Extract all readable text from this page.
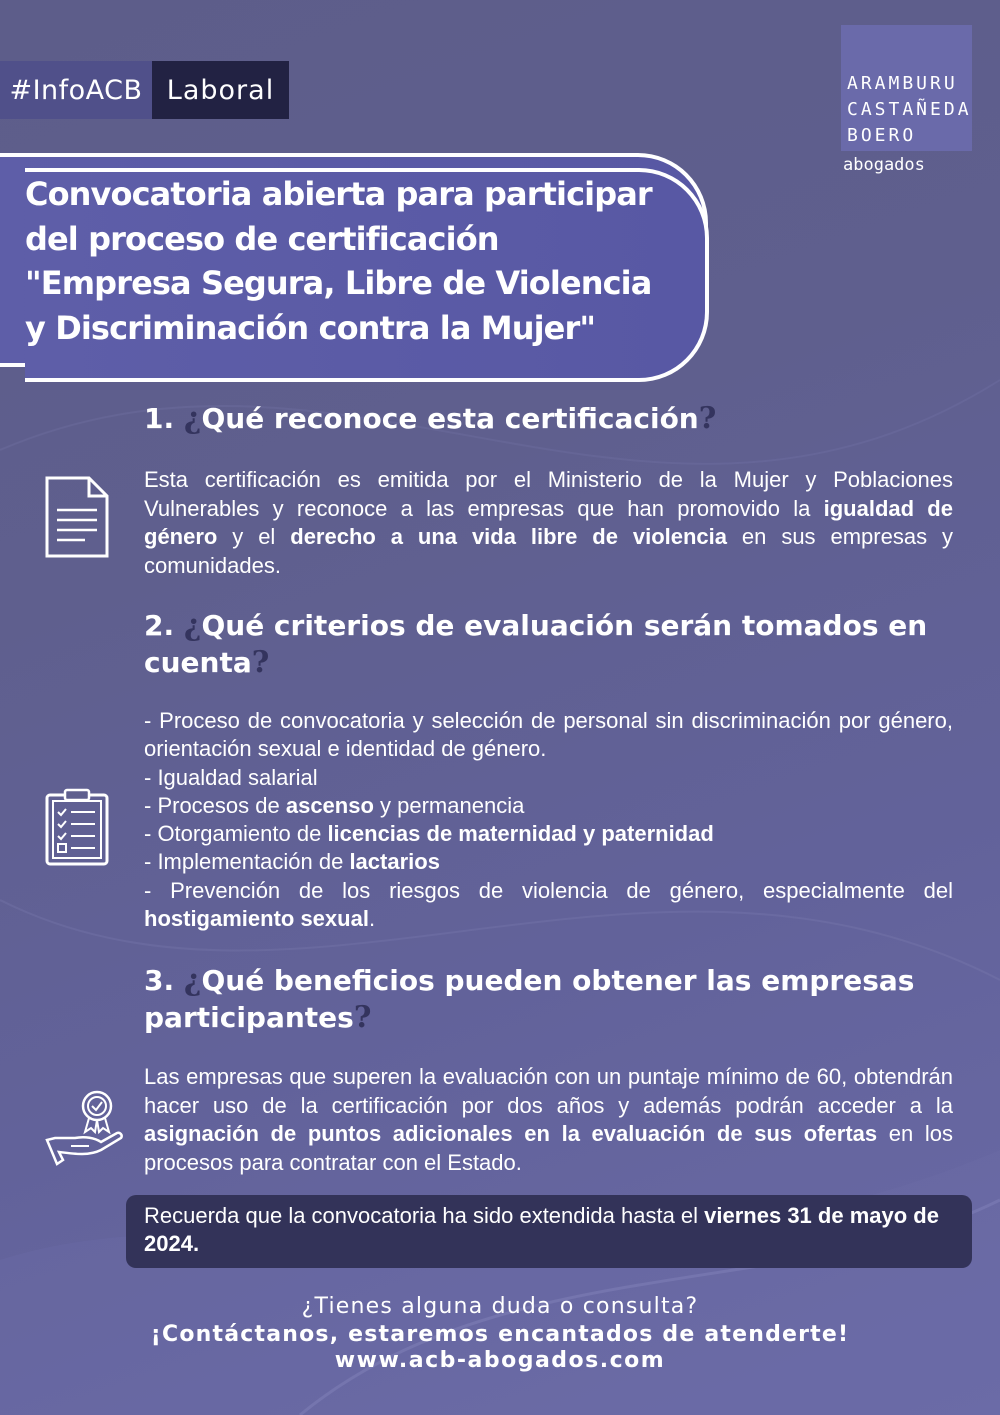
#InfoACB Laboral	ARAMBURU
CASTAÑEDA
BOERO
abogados
Convocatoria abierta para participar
del proceso de certificación
"Empresa Segura, Libre de Violencia
y Discriminación contra la Mujer"
1. ¿Qué reconoce esta certificación?

Esta certificación es emitida por el Ministerio de la Mujer y Poblaciones Vulnerables y reconoce a las empresas que han promovido la igualdad de género y el derecho a una vida libre de violencia en sus empresas y comunidades.

2. ¿Qué criterios de evaluación serán tomados en
cuenta?
- Proceso de convocatoria y selección de personal sin discriminación por género, orientación sexual e identidad de género.
- Igualdad salarial
- Procesos de ascenso y permanencia
- Otorgamiento de licencias de maternidad y paternidad
- Implementación de lactarios
- Prevención de los riesgos de violencia de género, especialmente del hostigamiento sexual.
3. ¿Qué beneficios pueden obtener las empresas
participantes?

Las empresas que superen la evaluación con un puntaje mínimo de 60, obtendrán hacer uso de la certificación por dos años y además podrán acceder a la asignación de puntos adicionales en la evaluación de sus ofertas en los procesos para contratar con el Estado.

Recuerda que la convocatoria ha sido extendida hasta el viernes 31 de mayo de 2024.
¿Tienes alguna duda o consulta?
¡Contáctanos, estaremos encantados de atenderte!
www.acb-abogados.com
